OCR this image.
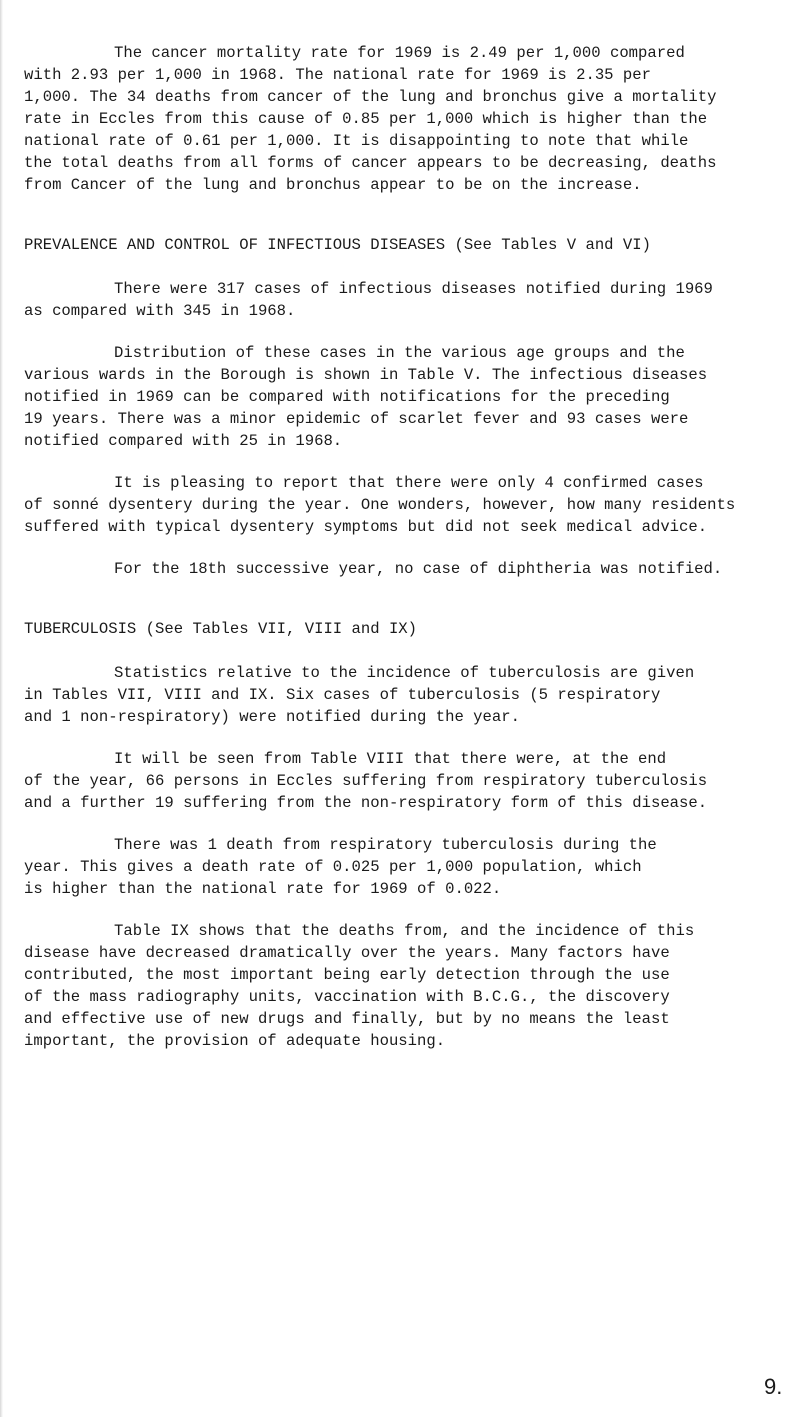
The cancer mortality rate for 1969 is 2.49 per 1,000 compared
with 2.93 per 1,000 in 1968. The national rate for 1969 is 2.35 per
1,000. The 34 deaths from cancer of the lung and bronchus give a mortality
rate in Eccles from this cause of 0.85 per 1,000 which is higher than the
national rate of 0.61 per 1,000. It is disappointing to note that while
the total deaths from all forms of cancer appears to be decreasing, deaths
from Cancer of the lung and bronchus appear to be on the increase.

PREVALENCE AND CONTROL OF INFECTIOUS DISEASES (See Tables V and VI)

There were 317 cases of infectious diseases notified during 1969
as compared with 345 in 1968.

Distribution of these cases in the various age groups and the
various wards in the Borough is shown in Table V. The infectious diseases
notified in 1969 can be compared with notifications for the preceding
19 years. There was a minor epidemic of scarlet fever and 93 cases were
notified compared with 25 in 1968.

It is pleasing to report that there were only 4 confirmed cases
of sonné dysentery during the year. One wonders, however, how many residents
suffered with typical dysentery symptoms but did not seek medical advice.

For the 18th successive year, no case of diphtheria was notified.

TUBERCULOSIS (See Tables VII, VIII and IX)

Statistics relative to the incidence of tuberculosis are given
in Tables VII, VIII and IX. Six cases of tuberculosis (5 respiratory
and 1 non-respiratory) were notified during the year.

It will be seen from Table VIII that there were, at the end
of the year, 66 persons in Eccles suffering from respiratory tuberculosis
and a further 19 suffering from the non-respiratory form of this disease.

There was 1 death from respiratory tuberculosis during the
year. This gives a death rate of 0.025 per 1,000 population, which
is higher than the national rate for 1969 of 0.022.

Table IX shows that the deaths from, and the incidence of this
disease have decreased dramatically over the years. Many factors have
contributed, the most important being early detection through the use
of the mass radiography units, vaccination with B.C.G., the discovery
and effective use of new drugs and finally, but by no means the least
important, the provision of adequate housing.

9.
